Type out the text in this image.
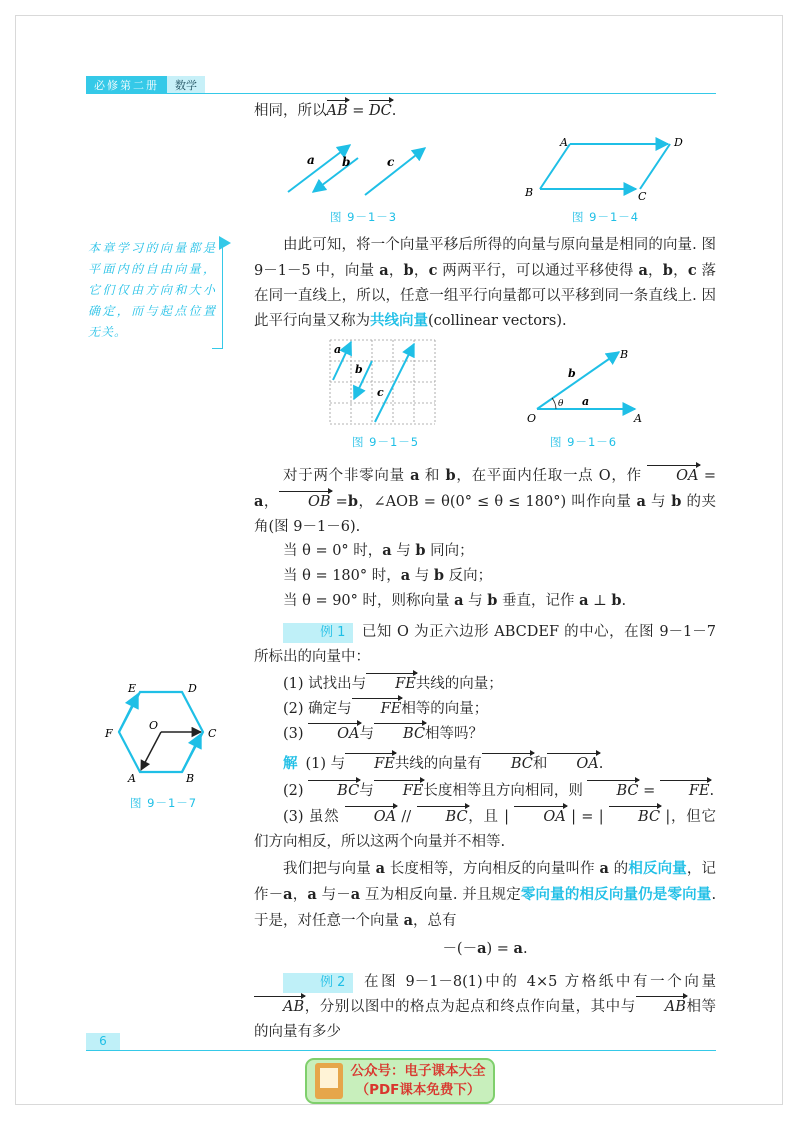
必修第二册	数学
相同，所以AB = DC.
a b	c
图 9－1－3
A	D
B	C
图 9－1－4
本章学习的向量都是平面内的自由向量，它们仅由方向和大小确定，而与起点位置无关。
由此可知，将一个向量平移后所得的向量与原向量是相同的向量. 图 9－1－5 中，向量 a，b，c 两两平行，可以通过平移使得 a，b，c 落在同一直线上，所以，任意一组平行向量都可以平移到同一条直线上. 因此平行向量又称为共线向量(collinear vectors).
a
b
c
图 9－1－5
B
b
θ a
O	A
图 9－1－6
对于两个非零向量 a 和 b，在平面内任取一点 O，作 OA = a， OB =b，∠AOB = θ(0° ≤ θ ≤ 180°) 叫作向量 a 与 b 的夹角(图 9－1－6).
当 θ = 0° 时，a 与 b 同向；
当 θ = 180° 时，a 与 b 反向；
当 θ = 90° 时，则称向量 a 与 b 垂直，记作 a ⊥ b.
例 1 已知 O 为正六边形 ABCDEF 的中心，在图 9－1－7 所标出的向量中：
(1) 试找出与 FE共线的向量；
(2) 确定与 FE相等的向量；
(3) OA与 BC相等吗？
解 (1) 与 FE共线的向量有 BC和 OA.
(2) BC与 FE长度相等且方向相同，则 BC = FE.
(3) 虽然 OA // BC，且 | OA | = | BC |，但它们方向相反，所以这两个向量并不相等.
E	D
F
O
C
A	B
图 9－1－7
我们把与向量 a 长度相等，方向相反的向量叫作 a 的相反向量，记作－a，a 与－a 互为相反向量. 并且规定零向量的相反向量仍是零向量. 于是，对任意一个向量 a，总有
－(－a) = a.
例 2 在图 9－1－8(1)中的 4×5 方格纸中有一个向量AB，分别以图中的格点为起点和终点作向量，其中与 AB相等的向量有多少
6
公众号：电子课本大全
（PDF课本免费下）
